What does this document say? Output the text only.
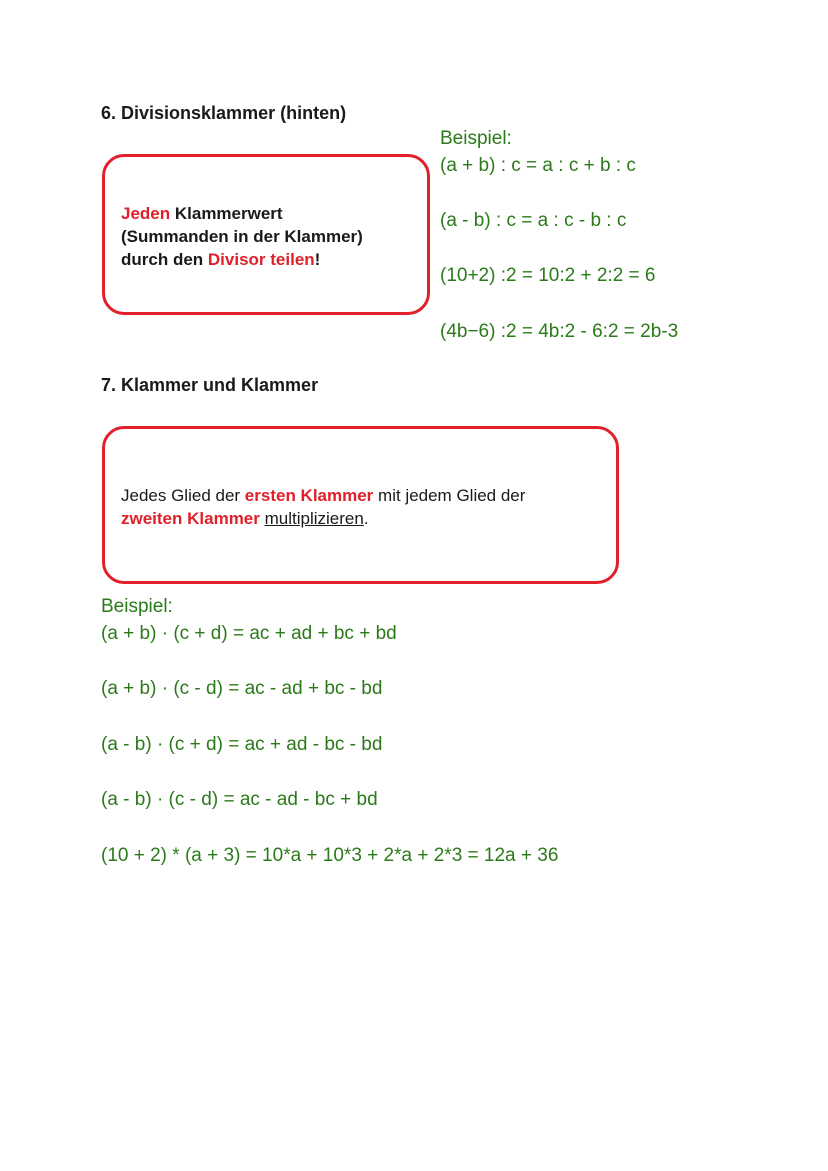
6. Divisionsklammer (hinten)
Jeden Klammerwert
(Summanden in der Klammer)
durch den Divisor teilen!
Beispiel:
(a + b) : c = a : c + b : c
(a - b) : c = a : c - b : c
(10+2) :2 = 10:2 + 2:2 = 6
(4b−6) :2 = 4b:2 - 6:2 = 2b-3
7. Klammer und Klammer
Jedes Glied der ersten Klammer mit jedem Glied der
zweiten Klammer multiplizieren.
Beispiel:
(a + b) · (c + d) = ac + ad + bc + bd
(a + b) · (c - d) = ac - ad + bc - bd
(a - b) · (c + d) = ac + ad - bc - bd
(a - b) · (c - d) = ac - ad - bc + bd
(10 + 2) * (a + 3) = 10*a + 10*3 + 2*a + 2*3 = 12a + 36
